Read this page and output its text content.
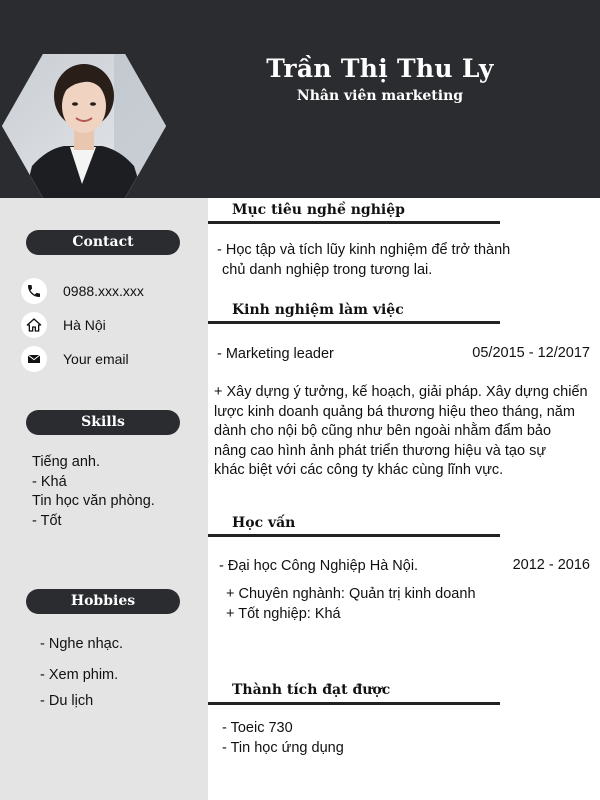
Trần Thị Thu Ly
Nhân viên marketing
Contact
0988.xxx.xxx
Hà Nội
Your email
Skills
Tiếng anh.
- Khá
Tin học văn phòng.
- Tốt
Hobbies
- Nghe nhạc.
- Xem phim.
- Du lịch
Mục tiêu nghề nghiệp
- Học tập và tích lũy kinh nghiệm để trở thành
chủ danh nghiệp trong tương lai.
Kinh nghiệm làm việc
- Marketing leader	05/2015 - 12/2017
+ Xây dựng ý tưởng, kế hoạch, giải pháp. Xây dựng chiến
lược kinh doanh quảng bá thương hiệu theo tháng, năm
dành cho nội bộ cũng như bên ngoài nhằm đẩm bảo
nâng cao hình ảnh phát triển thương hiệu và tạo sự
khác biệt với các công ty khác cùng lĩnh vực.
Học vấn
- Đại học Công Nghiệp Hà Nội.	2012 - 2016
+ Chuyên nghành: Quản trị kinh doanh
+ Tốt nghiệp: Khá
Thành tích đạt được
- Toeic 730
- Tin học ứng dụng
